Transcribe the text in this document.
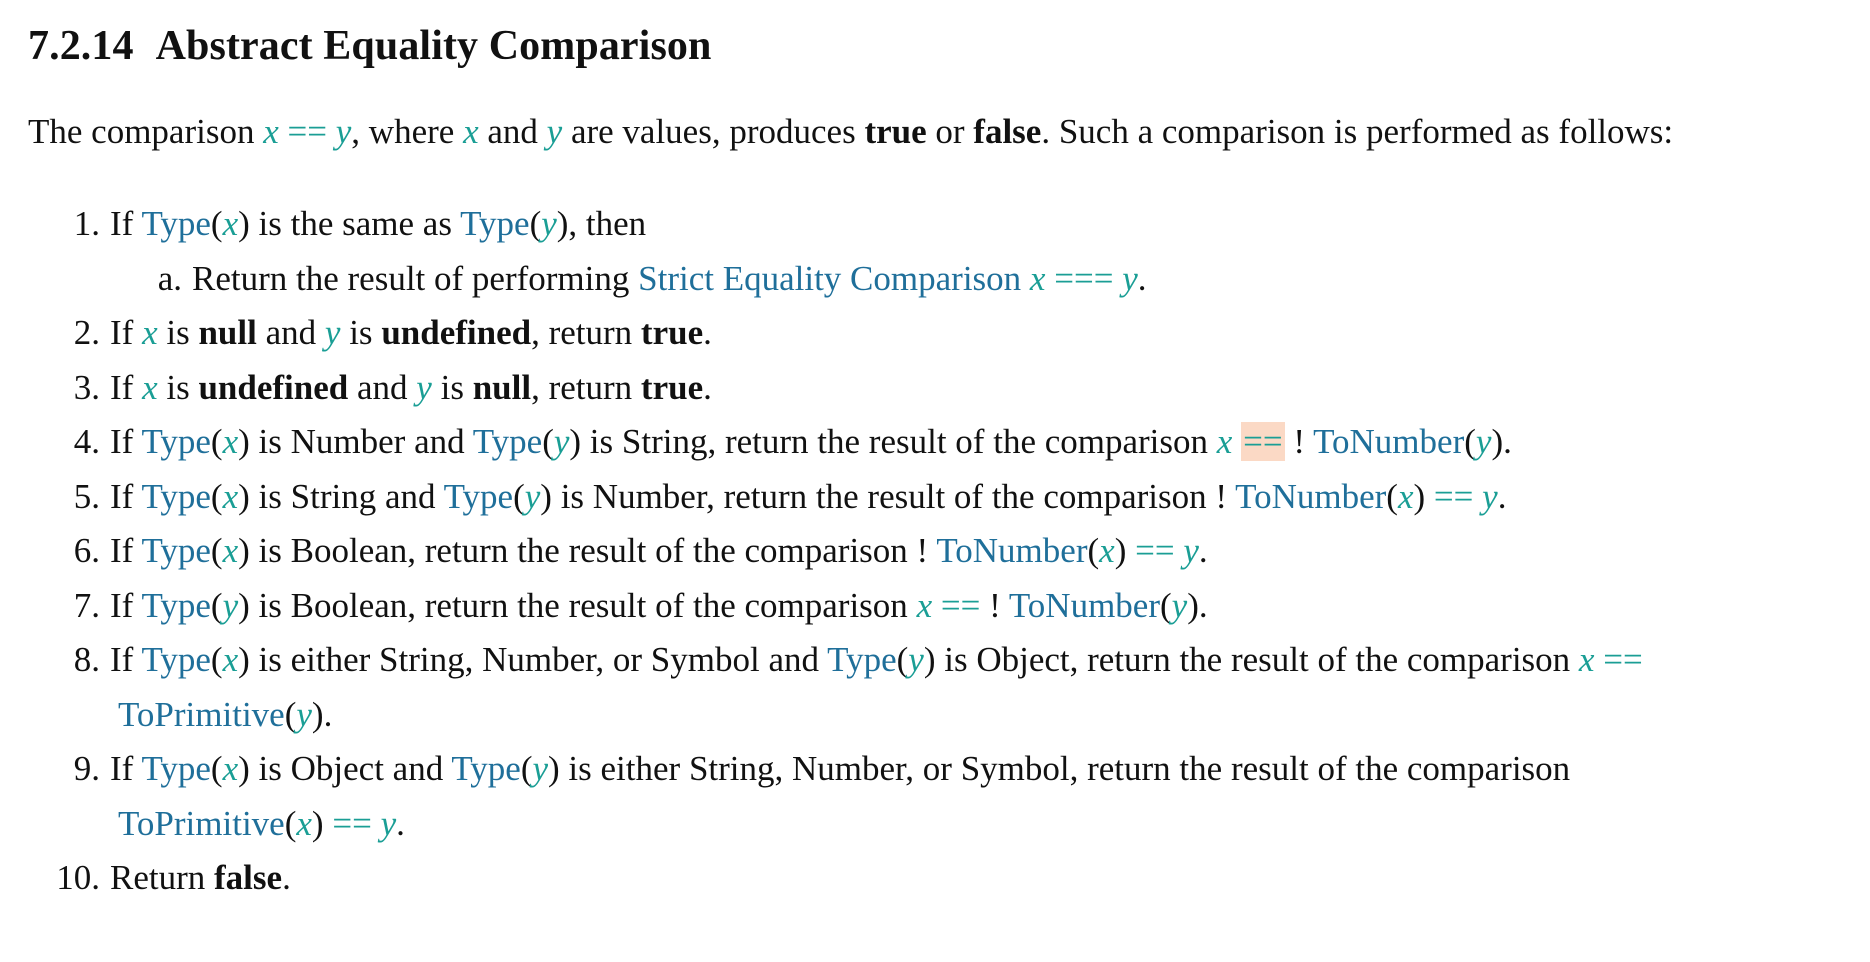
7.2.14 Abstract Equality Comparison

The comparison x == y, where x and y are values, produces true or false. Such a comparison is performed as follows:

1. If Type(x) is the same as Type(y), then
a. Return the result of performing Strict Equality Comparison x === y.
2. If x is null and y is undefined, return true.
3. If x is undefined and y is null, return true.
4. If Type(x) is Number and Type(y) is String, return the result of the comparison x == ! ToNumber(y).
5. If Type(x) is String and Type(y) is Number, return the result of the comparison ! ToNumber(x) == y.
6. If Type(x) is Boolean, return the result of the comparison ! ToNumber(x) == y.
7. If Type(y) is Boolean, return the result of the comparison x == ! ToNumber(y).
8. If Type(x) is either String, Number, or Symbol and Type(y) is Object, return the result of the comparison x ==
ToPrimitive(y).
9. If Type(x) is Object and Type(y) is either String, Number, or Symbol, return the result of the comparison
ToPrimitive(x) == y.
10. Return false.
